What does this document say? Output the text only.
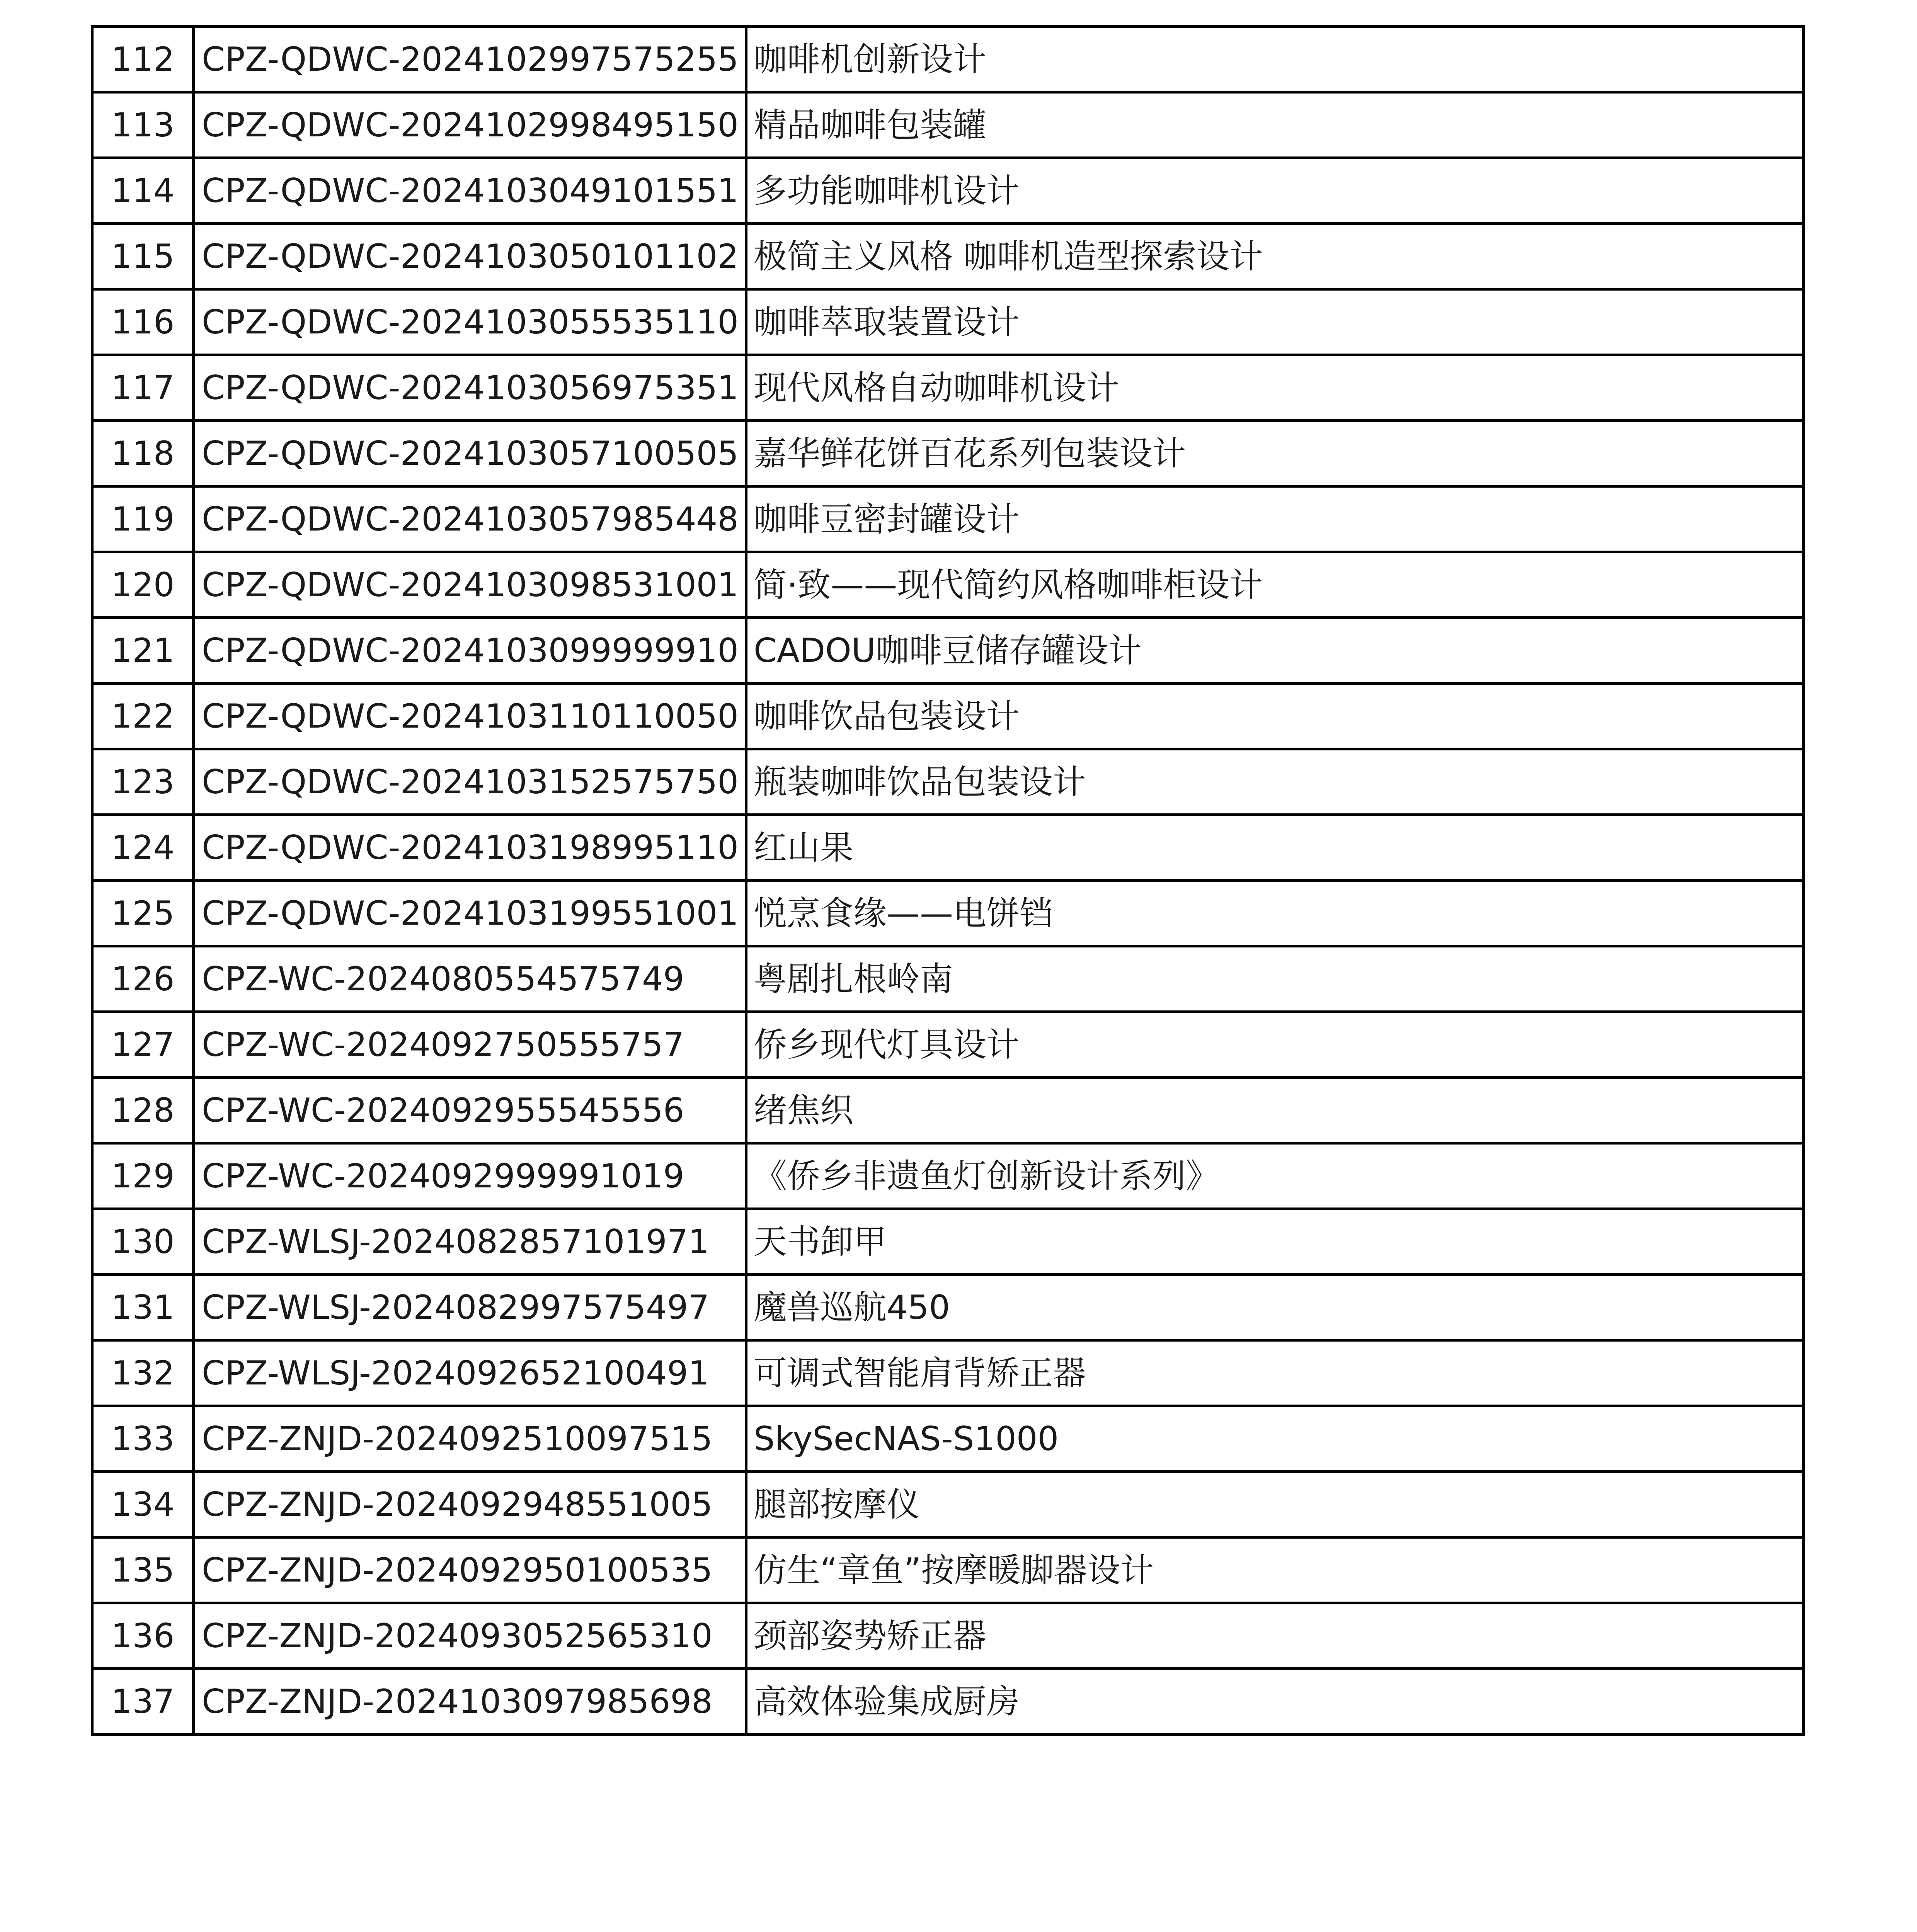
112	CPZ-QDWC-2024102997575255	咖啡机创新设计
113	CPZ-QDWC-2024102998495150	精品咖啡包装罐
114	CPZ-QDWC-2024103049101551	多功能咖啡机设计
115	CPZ-QDWC-2024103050101102	极简主义风格 咖啡机造型探索设计
116	CPZ-QDWC-2024103055535110	咖啡萃取装置设计
117	CPZ-QDWC-2024103056975351	现代风格自动咖啡机设计
118	CPZ-QDWC-2024103057100505	嘉华鲜花饼百花系列包装设计
119	CPZ-QDWC-2024103057985448	咖啡豆密封罐设计
120	CPZ-QDWC-2024103098531001	简·致——现代简约风格咖啡柜设计
121	CPZ-QDWC-2024103099999910	CADOU咖啡豆储存罐设计
122	CPZ-QDWC-2024103110110050	咖啡饮品包装设计
123	CPZ-QDWC-2024103152575750	瓶装咖啡饮品包装设计
124	CPZ-QDWC-2024103198995110	红山果
125	CPZ-QDWC-2024103199551001	悦烹食缘——电饼铛
126	CPZ-WC-2024080554575749	粤剧扎根岭南
127	CPZ-WC-2024092750555757	侨乡现代灯具设计
128	CPZ-WC-2024092955545556	绪焦织
129	CPZ-WC-2024092999991019	《侨乡非遗鱼灯创新设计系列》
130	CPZ-WLSJ-2024082857101971	天书卸甲
131	CPZ-WLSJ-2024082997575497	魔兽巡航450
132	CPZ-WLSJ-2024092652100491	可调式智能肩背矫正器
133	CPZ-ZNJD-2024092510097515	SkySecNAS-S1000
134	CPZ-ZNJD-2024092948551005	腿部按摩仪
135	CPZ-ZNJD-2024092950100535	仿生“章鱼”按摩暖脚器设计
136	CPZ-ZNJD-2024093052565310	颈部姿势矫正器
137	CPZ-ZNJD-2024103097985698	高效体验集成厨房
